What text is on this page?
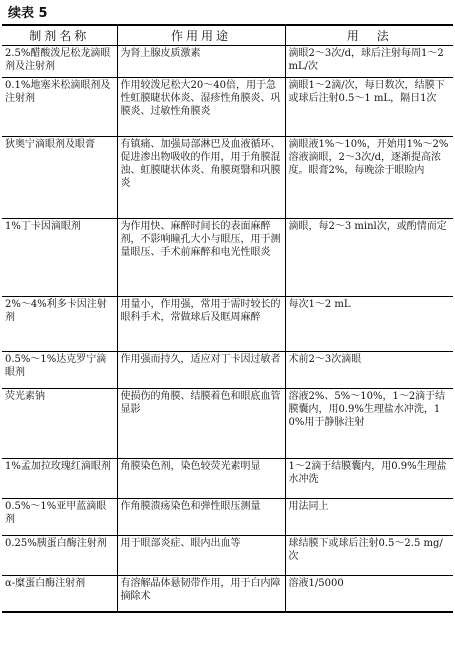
续表 5
制剂名称	作用用途	用　法
2.5%醋酸泼尼松龙滴眼剂及注射剂	为肾上腺皮质激素	滴眼2～3次/d，球后注射每周1～2 mL/次
0.1%地塞米松滴眼剂及注射剂	作用较泼尼松大20～40倍，用于急性虹膜睫状体炎、湿疹性角膜炎、巩膜炎、过敏性角膜炎	滴眼1～2滴/次，每日数次，结膜下或球后注射0.5～1 mL，隔日1次
狄奥宁滴眼剂及眼膏	有镇痛、加强局部淋巴及血液循环、促进渗出物吸收的作用，用于角膜混浊、虹膜睫状体炎、角膜斑翳和巩膜炎	滴眼液1%～10%，开始用1%～2%溶液滴眼，2～3次/d，逐渐提高浓度。眼膏2%，每晚涂于眼睑内
1%丁卡因滴眼剂	为作用快、麻醉时间长的表面麻醉剂，不影响瞳孔大小与眼压，用于测量眼压、手术前麻醉和电光性眼炎	滴眼，每2～3 minl次，或酌情而定
2%～4%利多卡因注射剂	用量小，作用强，常用于需时较长的眼科手术，常做球后及眶周麻醉	每次1～2 mL
0.5%～1%达克罗宁滴眼剂	作用强而持久，适应对丁卡因过敏者	术前2～3次滴眼
荧光素钠	使损伤的角膜、结膜着色和眼底血管显影	溶液2%、5%～10%，1～2滴于结膜囊内，用0.9%生理盐水冲洗，10%用于静脉注射
1%孟加拉玫瑰红滴眼剂	角膜染色剂，染色较荧光素明显	1～2滴于结膜囊内，用0.9%生理盐水冲洗
0.5%～1%亚甲蓝滴眼剂	作角膜溃疡染色和弹性眼压测量	用法同上
0.25%胰蛋白酶注射剂	用于眼部炎症、眼内出血等	球结膜下或球后注射0.5～2.5 mg/次
α-糜蛋白酶注射剂	有溶解晶体悬韧带作用，用于白内障摘除术	溶液1/5000
